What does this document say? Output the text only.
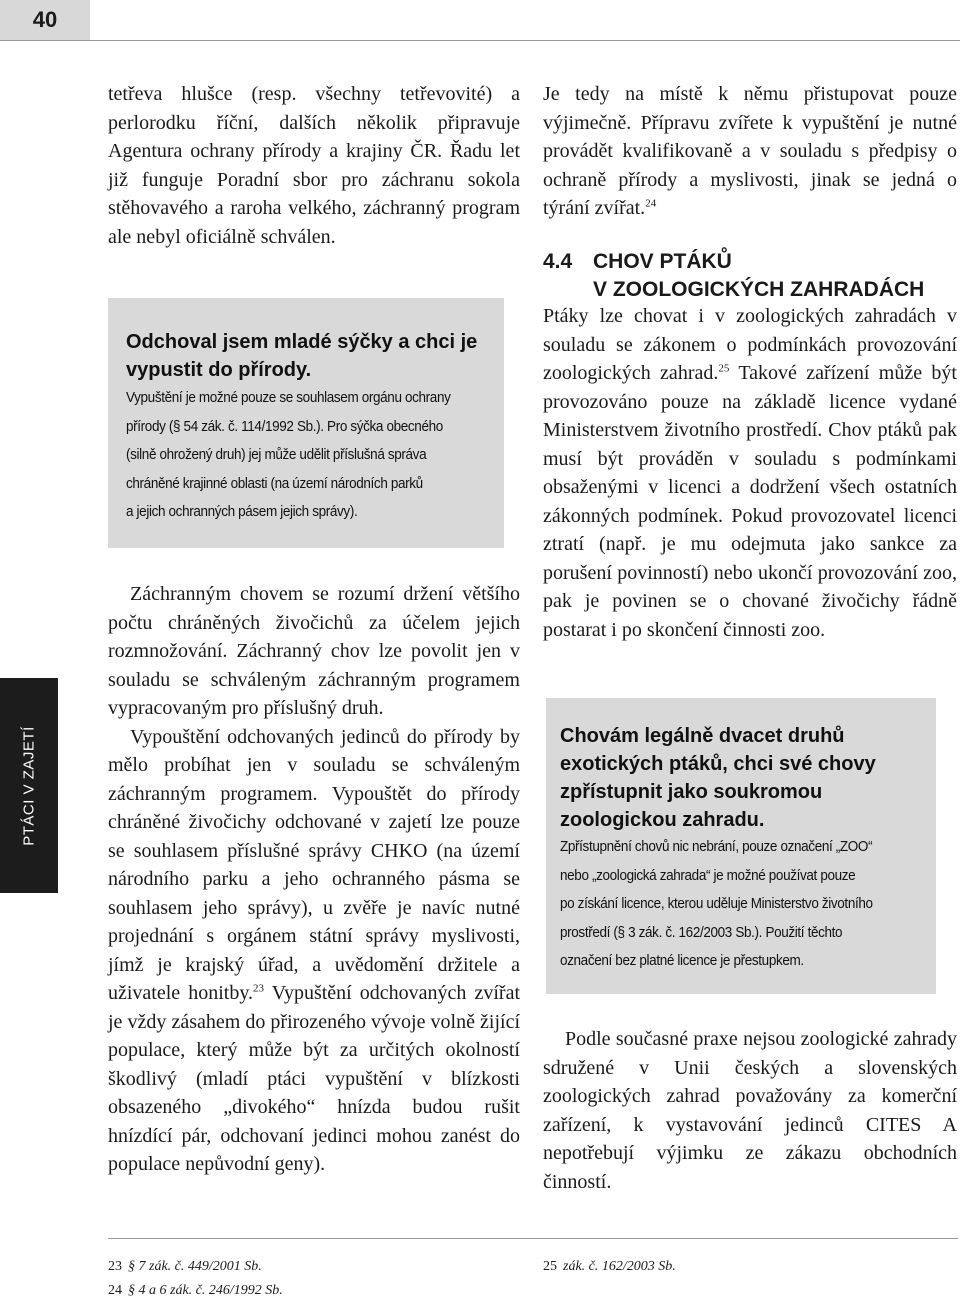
40
PTÁCI V ZAJETÍ

tetřeva hlušce (resp. všechny tetřevovité) a perlorodku říční, dalších několik připravuje Agentura ochrany přírody a krajiny ČR. Řadu let již funguje Poradní sbor pro záchranu sokola stěhovavého a raroha velkého, záchranný program ale nebyl oficiálně schválen.

Odchoval jsem mladé sýčky a chci je vypustit do přírody.
Vypuštění je možné pouze se souhlasem orgánu ochrany
přírody (§ 54 zák. č. 114/1992 Sb.). Pro sýčka obecného
(silně ohrožený druh) jej může udělit příslušná správa
chráněné krajinné oblasti (na území národních parků
a jejich ochranných pásem jejich správy).

Záchranným chovem se rozumí držení většího počtu chráněných živočichů za účelem jejich rozmnožování. Záchranný chov lze povolit jen v souladu se schváleným záchranným programem vypracovaným pro příslušný druh.

Vypouštění odchovaných jedinců do přírody by mělo probíhat jen v souladu se schváleným záchranným programem. Vypouštět do přírody chráněné živočichy odchované v zajetí lze pouze se souhlasem příslušné správy CHKO (na území národního parku a jeho ochranného pásma se souhlasem jeho správy), u zvěře je navíc nutné projednání s orgánem státní správy myslivosti, jímž je krajský úřad, a uvědomění držitele a uživatele honitby.$^{23}$ Vypuštění odchovaných zvířat je vždy zásahem do přirozeného vývoje volně žijící populace, který může být za určitých okolností škodlivý (mladí ptáci vypuštění v blízkosti obsazeného „divokého“ hnízda budou rušit hnízdící pár, odchovaní jedinci mohou zanést do populace nepůvodní geny).

Je tedy na místě k němu přistupovat pouze výjimečně. Přípravu zvířete k vypuštění je nutné provádět kvalifikovaně a v souladu s předpisy o ochraně přírody a myslivosti, jinak se jedná o týrání zvířat.$^{24}$

4.4 CHOV PTÁKŮ
V ZOOLOGICKÝCH ZAHRADÁCH

Ptáky lze chovat i v zoologických zahradách v souladu se zákonem o podmínkách provozování zoologických zahrad.$^{25}$ Takové zařízení může být provozováno pouze na základě licence vydané Ministerstvem životního prostředí. Chov ptáků pak musí být prováděn v souladu s podmínkami obsaženými v licenci a dodržení všech ostatních zákonných podmínek. Pokud provozovatel licenci ztratí (např. je mu odejmuta jako sankce za porušení povinností) nebo ukončí provozování zoo, pak je povinen se o chované živočichy řádně postarat i po skončení činnosti zoo.

Chovám legálně dvacet druhů exotických ptáků, chci své chovy zpřístupnit jako soukromou zoologickou zahradu.
Zpřístupnění chovů nic nebrání, pouze označení „ZOO“
nebo „zoologická zahrada“ je možné používat pouze
po získání licence, kterou uděluje Ministerstvo životního
prostředí (§ 3 zák. č. 162/2003 Sb.). Použití těchto
označení bez platné licence je přestupkem.

Podle současné praxe nejsou zoologické zahrady sdružené v Unii českých a slovenských zoologických zahrad považovány za komerční zařízení, k vystavování jedinců CITES A nepotřebují výjimku ze zákazu obchodních činností.

23 § 7 zák. č. 449/2001 Sb.
24 § 4 a 6 zák. č. 246/1992 Sb.
25 zák. č. 162/2003 Sb.
